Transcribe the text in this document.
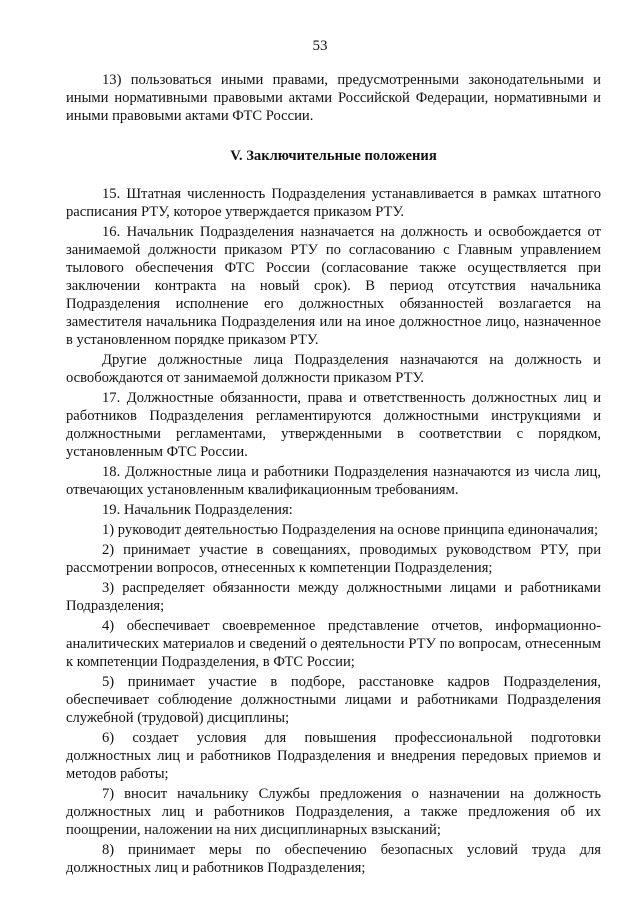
53

13) пользоваться иными правами, предусмотренными законодательными и иными нормативными правовыми актами Российской Федерации, нормативными и иными правовыми актами ФТС России.

V. Заключительные положения

15. Штатная численность Подразделения устанавливается в рамках штатного расписания РТУ, которое утверждается приказом РТУ.

16. Начальник Подразделения назначается на должность и освобождается от занимаемой должности приказом РТУ по согласованию с Главным управлением тылового обеспечения ФТС России (согласование также осуществляется при заключении контракта на новый срок). В период отсутствия начальника Подразделения исполнение его должностных обязанностей возлагается на заместителя начальника Подразделения или на иное должностное лицо, назначенное в установленном порядке приказом РТУ.

Другие должностные лица Подразделения назначаются на должность и освобождаются от занимаемой должности приказом РТУ.

17. Должностные обязанности, права и ответственность должностных лиц и работников Подразделения регламентируются должностными инструкциями и должностными регламентами, утвержденными в соответствии с порядком, установленным ФТС России.

18. Должностные лица и работники Подразделения назначаются из числа лиц, отвечающих установленным квалификационным требованиям.

19. Начальник Подразделения:

1) руководит деятельностью Подразделения на основе принципа единоначалия;

2) принимает участие в совещаниях, проводимых руководством РТУ, при рассмотрении вопросов, отнесенных к компетенции Подразделения;

3) распределяет обязанности между должностными лицами и работниками Подразделения;

4) обеспечивает своевременное представление отчетов, информационно-аналитических материалов и сведений о деятельности РТУ по вопросам, отнесенным к компетенции Подразделения, в ФТС России;

5) принимает участие в подборе, расстановке кадров Подразделения, обеспечивает соблюдение должностными лицами и работниками Подразделения служебной (трудовой) дисциплины;

6) создает условия для повышения профессиональной подготовки должностных лиц и работников Подразделения и внедрения передовых приемов и методов работы;

7) вносит начальнику Службы предложения о назначении на должность должностных лиц и работников Подразделения, а также предложения об их поощрении, наложении на них дисциплинарных взысканий;

8) принимает меры по обеспечению безопасных условий труда для должностных лиц и работников Подразделения;
